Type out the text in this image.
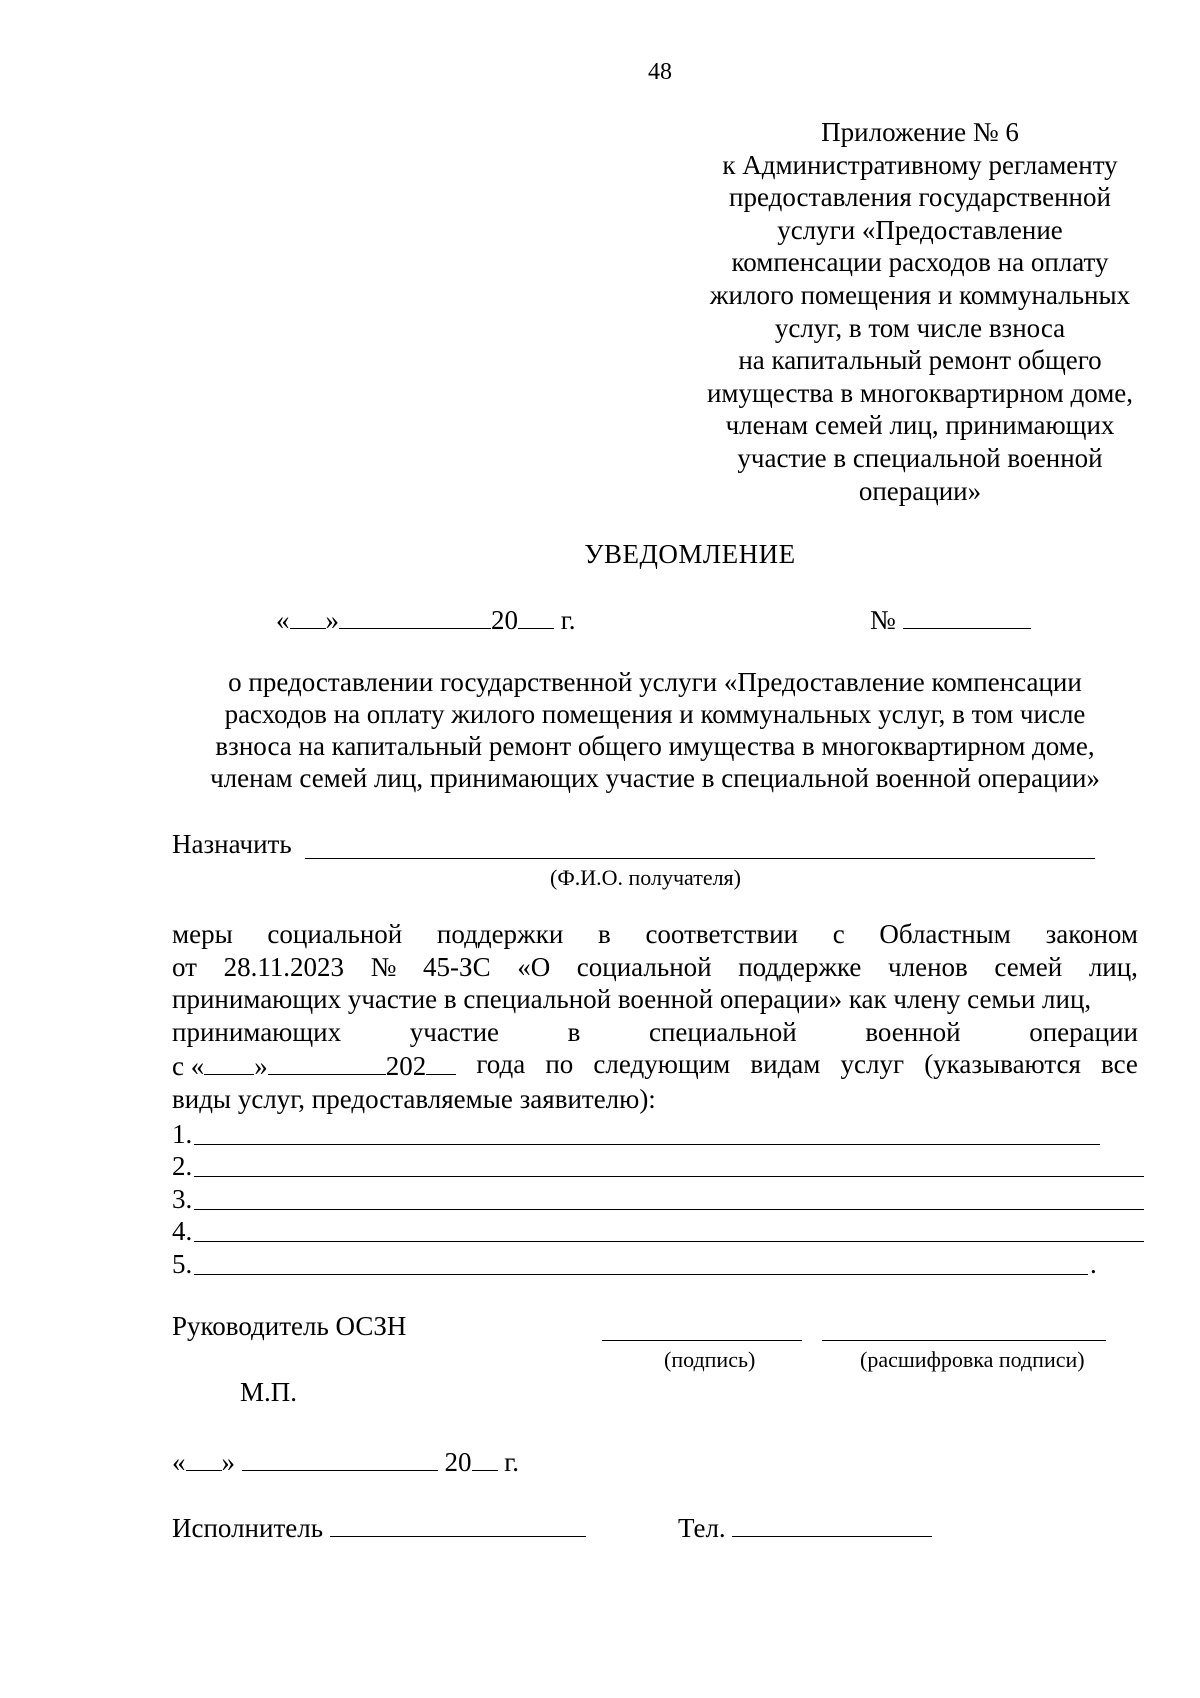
48
Приложение № 6
к Административному регламенту
предоставления государственной
услуги «Предоставление
компенсации расходов на оплату
жилого помещения и коммунальных
услуг, в том числе взноса
на капитальный ремонт общего
имущества в многоквартирном доме,
членам семей лиц, принимающих
участие в специальной военной
операции»
УВЕДОМЛЕНИЕ
« »	20 г.	№
о предоставлении государственной услуги «Предоставление компенсации
расходов на оплату жилого помещения и коммунальных услуг, в том числе
взноса на капитальный ремонт общего имущества в многоквартирном доме,
членам семей лиц, принимающих участие в специальной военной операции»
Назначить
(Ф.И.О. получателя)
меры социальной поддержки в соответствии с Областным законом
от 28.11.2023 № 45-ЗС «О социальной поддержке членов семей лиц,
принимающих участие в специальной военной операции» как члену семьи лиц,
принимающих	участие	в	специальной	военной	операции
с « »	202	года по следующим видам услуг (указываются все
виды услуг, предоставляемые заявителю):
1.
2.
3.
4.
5.	.
Руководитель ОСЗН
(подпись)	(расшифровка подписи)
М.П.
« »	20 г.
Исполнитель	Тел.
